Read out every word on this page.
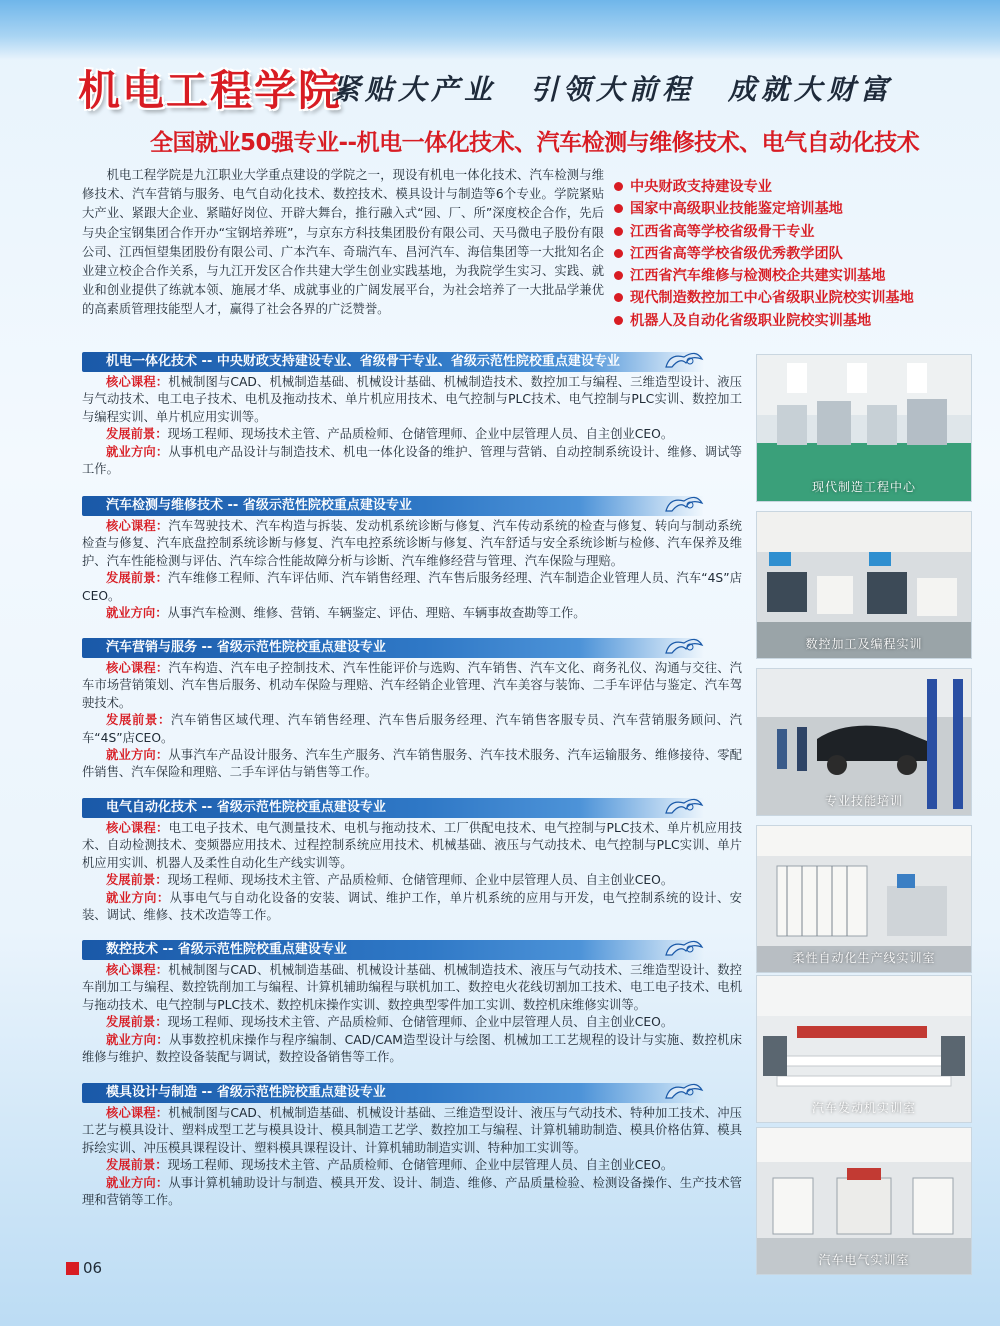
机电工程学院
紧贴大产业　引领大前程　成就大财富
全国就业50强专业--机电一体化技术、汽车检测与维修技术、电气自动化技术
机电工程学院是九江职业大学重点建设的学院之一，现设有机电一体化技术、汽车检测与维修技术、汽车营销与服务、电气自动化技术、数控技术、模具设计与制造等6个专业。学院紧贴大产业、紧跟大企业、紧瞄好岗位、开辟大舞台，推行融入式“园、厂、所”深度校企合作，先后与央企宝钢集团合作开办“宝钢培养班”，与京东方科技集团股份有限公司、天马微电子股份有限公司、江西恒望集团股份有限公司、广本汽车、奇瑞汽车、昌河汽车、海信集团等一大批知名企业建立校企合作关系，与九江开发区合作共建大学生创业实践基地，为我院学生实习、实践、就业和创业提供了练就本领、施展才华、成就事业的广阔发展平台，为社会培养了一大批品学兼优的高素质管理技能型人才，赢得了社会各界的广泛赞誉。
中央财政支持建设专业
国家中高级职业技能鉴定培训基地
江西省高等学校省级骨干专业
江西省高等学校省级优秀教学团队
江西省汽车维修与检测校企共建实训基地
现代制造数控加工中心省级职业院校实训基地
机器人及自动化省级职业院校实训基地
机电一体化技术 -- 中央财政支持建设专业、省级骨干专业、省级示范性院校重点建设专业

核心课程：机械制图与CAD、机械制造基础、机械设计基础、机械制造技术、数控加工与编程、三维造型设计、液压与气动技术、电工电子技术、电机及拖动技术、单片机应用技术、电气控制与PLC技术、电气控制与PLC实训、数控加工与编程实训、单片机应用实训等。

发展前景：现场工程师、现场技术主管、产品质检师、仓储管理师、企业中层管理人员、自主创业CEO。

就业方向：从事机电产品设计与制造技术、机电一体化设备的维护、管理与营销、自动控制系统设计、维修、调试等工作。

汽车检测与维修技术 -- 省级示范性院校重点建设专业

核心课程：汽车驾驶技术、汽车构造与拆装、发动机系统诊断与修复、汽车传动系统的检查与修复、转向与制动系统检查与修复、汽车底盘控制系统诊断与修复、汽车电控系统诊断与修复、汽车舒适与安全系统诊断与检修、汽车保养及维护、汽车性能检测与评估、汽车综合性能故障分析与诊断、汽车维修经营与管理、汽车保险与理赔。

发展前景：汽车维修工程师、汽车评估师、汽车销售经理、汽车售后服务经理、汽车制造企业管理人员、汽车“4S”店CEO。

就业方向：从事汽车检测、维修、营销、车辆鉴定、评估、理赔、车辆事故查勘等工作。

汽车营销与服务 -- 省级示范性院校重点建设专业

核心课程：汽车构造、汽车电子控制技术、汽车性能评价与选购、汽车销售、汽车文化、商务礼仪、沟通与交往、汽车市场营销策划、汽车售后服务、机动车保险与理赔、汽车经销企业管理、汽车美容与装饰、二手车评估与鉴定、汽车驾驶技术。

发展前景：汽车销售区域代理、汽车销售经理、汽车售后服务经理、汽车销售客服专员、汽车营销服务顾问、汽车“4S”店CEO。

就业方向：从事汽车产品设计服务、汽车生产服务、汽车销售服务、汽车技术服务、汽车运输服务、维修接待、零配件销售、汽车保险和理赔、二手车评估与销售等工作。

电气自动化技术 -- 省级示范性院校重点建设专业

核心课程：电工电子技术、电气测量技术、电机与拖动技术、工厂供配电技术、电气控制与PLC技术、单片机应用技术、自动检测技术、变频器应用技术、过程控制系统应用技术、机械基础、液压与气动技术、电气控制与PLC实训、单片机应用实训、机器人及柔性自动化生产线实训等。

发展前景：现场工程师、现场技术主管、产品质检师、仓储管理师、企业中层管理人员、自主创业CEO。

就业方向：从事电气与自动化设备的安装、调试、维护工作，单片机系统的应用与开发，电气控制系统的设计、安装、调试、维修、技术改造等工作。

数控技术 -- 省级示范性院校重点建设专业

核心课程：机械制图与CAD、机械制造基础、机械设计基础、机械制造技术、液压与气动技术、三维造型设计、数控车削加工与编程、数控铣削加工与编程、计算机辅助编程与联机加工、数控电火花线切割加工技术、电工电子技术、电机与拖动技术、电气控制与PLC技术、数控机床操作实训、数控典型零件加工实训、数控机床维修实训等。

发展前景：现场工程师、现场技术主管、产品质检师、仓储管理师、企业中层管理人员、自主创业CEO。

就业方向：从事数控机床操作与程序编制、CAD/CAM造型设计与绘图、机械加工工艺规程的设计与实施、数控机床维修与维护、数控设备装配与调试，数控设备销售等工作。

模具设计与制造 -- 省级示范性院校重点建设专业

核心课程：机械制图与CAD、机械制造基础、机械设计基础、三维造型设计、液压与气动技术、特种加工技术、冲压工艺与模具设计、塑料成型工艺与模具设计、模具制造工艺学、数控加工与编程、计算机辅助制造、模具价格估算、模具拆绘实训、冲压模具课程设计、塑料模具课程设计、计算机辅助制造实训、特种加工实训等。

发展前景：现场工程师、现场技术主管、产品质检师、仓储管理师、企业中层管理人员、自主创业CEO。

就业方向：从事计算机辅助设计与制造、模具开发、设计、制造、维修、产品质量检验、检测设备操作、生产技术管理和营销等工作。

现代制造工程中心
数控加工及编程实训
专业技能培训
柔性自动化生产线实训室
汽车发动机实训室
汽车电气实训室
06
